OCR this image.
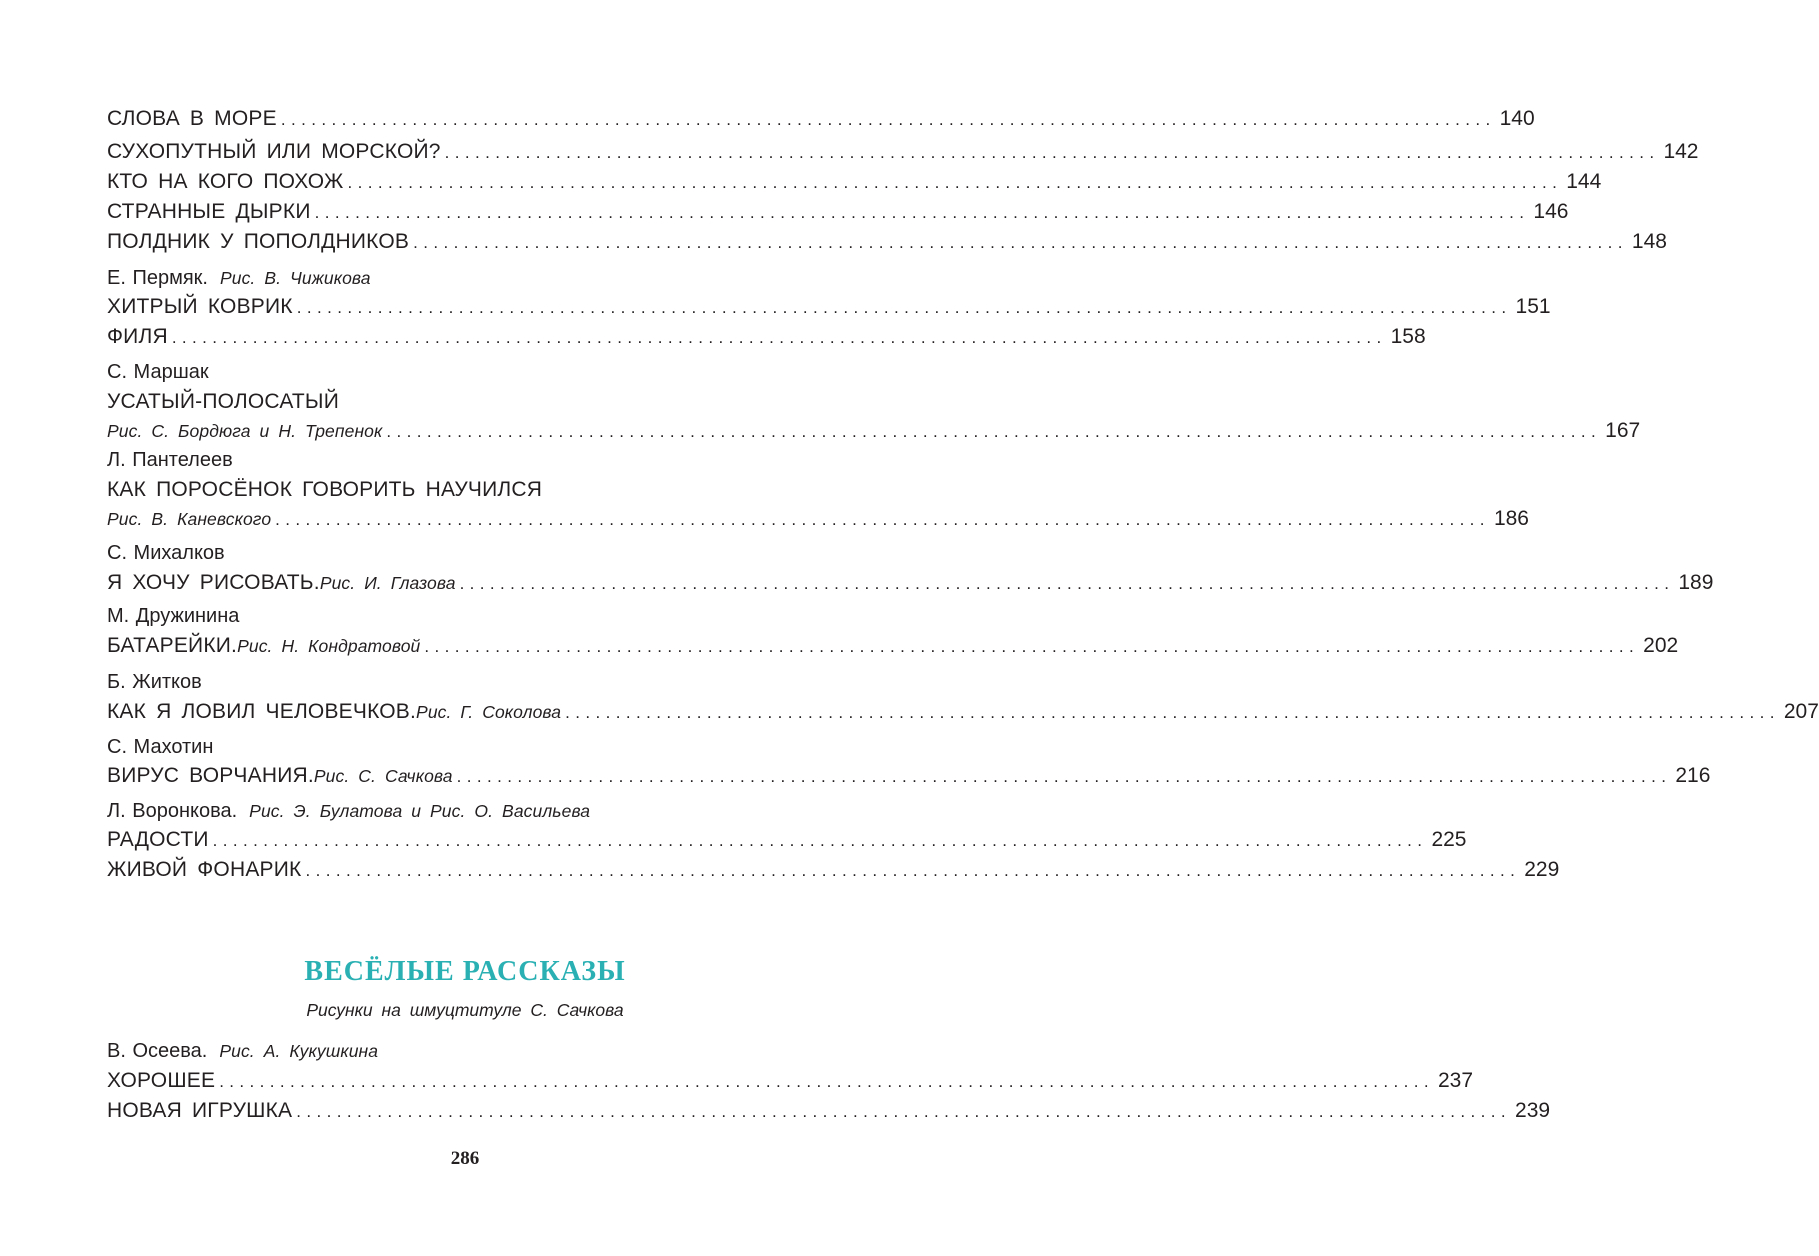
СЛОВА В МОРЕ ........................................................................................................................ 140
СУХОПУТНЫЙ ИЛИ МОРСКОЙ? ........................................................................................................................ 142
КТО НА КОГО ПОХОЖ ........................................................................................................................ 144
СТРАННЫЕ ДЫРКИ ........................................................................................................................ 146
ПОЛДНИК У ПОПОЛДНИКОВ ........................................................................................................................ 148
Е. Пермяк. Рис. В. Чижикова
ХИТРЫЙ КОВРИК ........................................................................................................................ 151
ФИЛЯ ........................................................................................................................ 158
С. Маршак
УСАТЫЙ-ПОЛОСАТЫЙ
Рис. С. Бордюга и Н. Трепенок ........................................................................................................................ 167
Л. Пантелеев
КАК ПОРОСЁНОК ГОВОРИТЬ НАУЧИЛСЯ
Рис. В. Каневского ........................................................................................................................ 186
С. Михалков
Я ХОЧУ РИСОВАТЬ. Рис. И. Глазова ........................................................................................................................ 189
М. Дружинина
БАТАРЕЙКИ. Рис. Н. Кондратовой ........................................................................................................................ 202
Б. Житков
КАК Я ЛОВИЛ ЧЕЛОВЕЧКОВ. Рис. Г. Соколова ........................................................................................................................ 207
С. Махотин
ВИРУС ВОРЧАНИЯ. Рис. С. Сачкова ........................................................................................................................ 216
Л. Воронкова. Рис. Э. Булатова и Рис. О. Васильева
РАДОСТИ ........................................................................................................................ 225
ЖИВОЙ ФОНАРИК ........................................................................................................................ 229
ВЕСЁЛЫЕ РАССКАЗЫ
Рисунки на шмуцтитуле С. Сачкова
В. Осеева. Рис. А. Кукушкина
ХОРОШЕЕ ........................................................................................................................ 237
НОВАЯ ИГРУШКА ........................................................................................................................ 239
286
